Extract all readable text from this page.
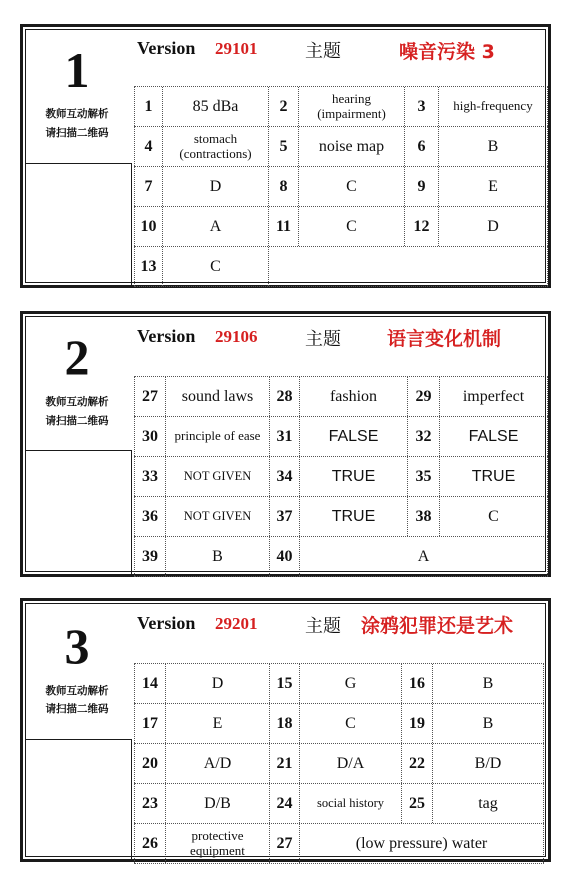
1
教师互动解析
请扫描二维码
Version 29101	主题	噪音污染 3
1	85 dBa	2	hearing (impairment)	3	high-frequency
4	stomach (contractions)	5	noise map	6	B
7	D	8	C	9	E
10	A	11	C	12	D
13	C
2
教师互动解析
请扫描二维码
Version 29106	主题 语言变化机制
27	sound laws	28	fashion	29	imperfect
30	principle of ease	31	FALSE	32	FALSE
33	NOT GIVEN	34	TRUE	35	TRUE
36	NOT GIVEN	37	TRUE	38	C
39	B	40	A
3
教师互动解析
请扫描二维码
Version 29201	主题 涂鸦犯罪还是艺术
14	D	15	G	16	B
17	E	18	C	19	B
20	A/D	21	D/A	22	B/D
23	D/B	24	social history	25	tag
26	protective equipment	27	(low pressure) water
